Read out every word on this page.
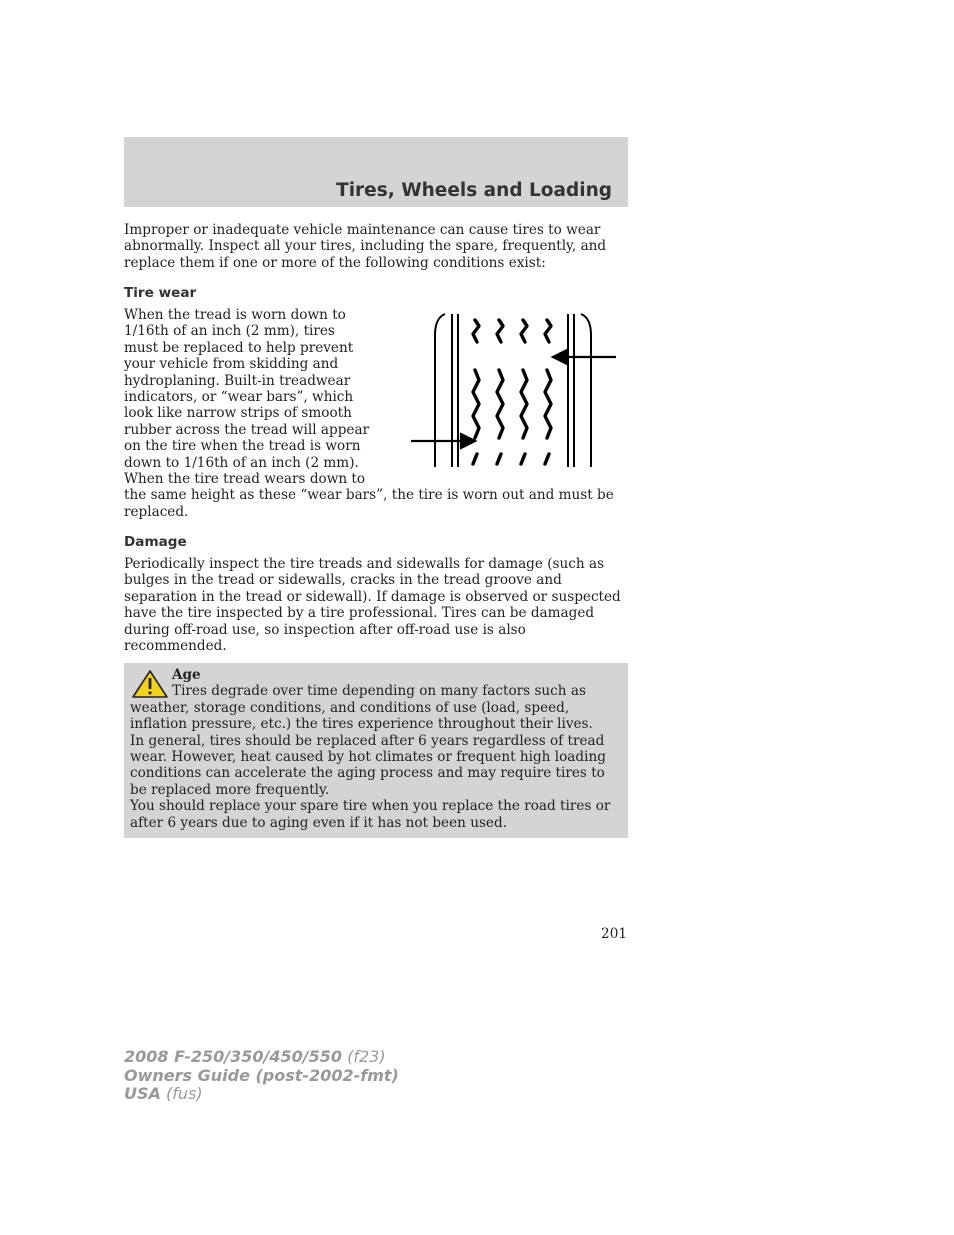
Tires, Wheels and Loading

Improper or inadequate vehicle maintenance can cause tires to wear abnormally. Inspect all your tires, including the spare, frequently, and replace them if one or more of the following conditions exist:

Tire wear

When the tread is worn down to 1/16th of an inch (2 mm), tires must be replaced to help prevent your vehicle from skidding and hydroplaning. Built-in treadwear indicators, or “wear bars”, which look like narrow strips of smooth rubber across the tread will appear on the tire when the tread is worn down to 1/16th of an inch (2 mm). When the tire tread wears down to the same height as these “wear bars”, the tire is worn out and must be replaced.

Damage

Periodically inspect the tire treads and sidewalls for damage (such as bulges in the tread or sidewalls, cracks in the tread groove and separation in the tread or sidewall). If damage is observed or suspected have the tire inspected by a tire professional. Tires can be damaged during off-road use, so inspection after off-road use is also recommended.

Age

Tires degrade over time depending on many factors such as weather, storage conditions, and conditions of use (load, speed, inflation pressure, etc.) the tires experience throughout their lives.

In general, tires should be replaced after 6 years regardless of tread wear. However, heat caused by hot climates or frequent high loading conditions can accelerate the aging process and may require tires to be replaced more frequently.

You should replace your spare tire when you replace the road tires or after 6 years due to aging even if it has not been used.

201
2008 F-250/350/450/550 (f23)
Owners Guide (post-2002-fmt)
USA (fus)
